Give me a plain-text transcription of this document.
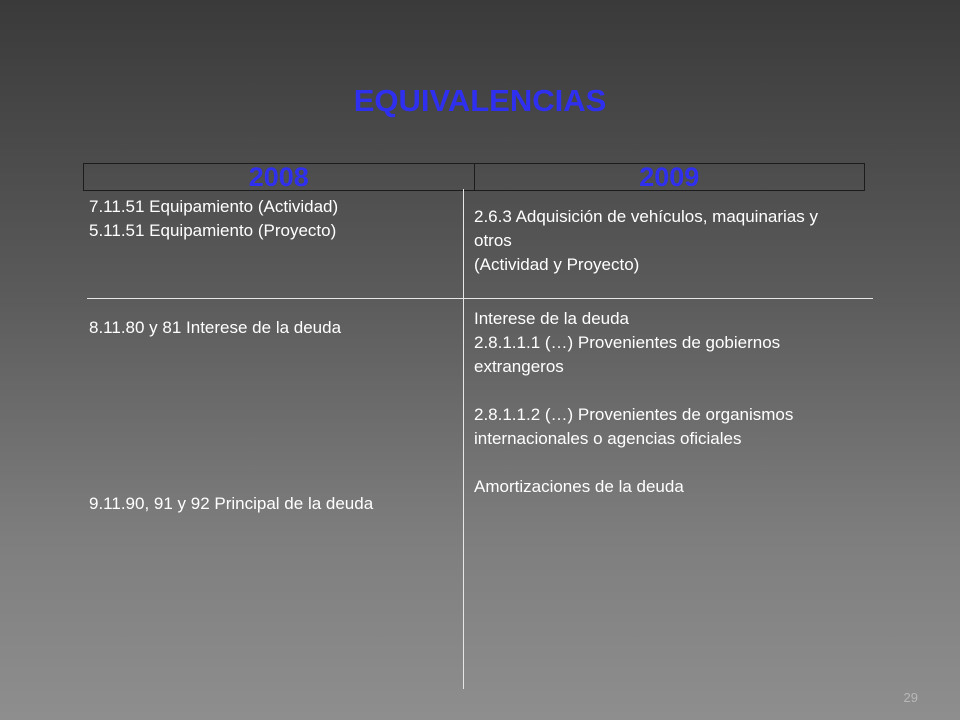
EQUIVALENCIAS
2008	2009
7.11.51 Equipamiento (Actividad)
5.11.51 Equipamiento (Proyecto)
2.6.3 Adquisición de vehículos, maquinarias y
otros
(Actividad y Proyecto)
8.11.80 y 81 Interese de la deuda
9.11.90, 91 y 92 Principal de la deuda
Interese de la deuda
2.8.1.1.1 (…) Provenientes de gobiernos
extrangeros
2.8.1.1.2 (…) Provenientes de organismos
internacionales o agencias oficiales
Amortizaciones de la deuda
29
